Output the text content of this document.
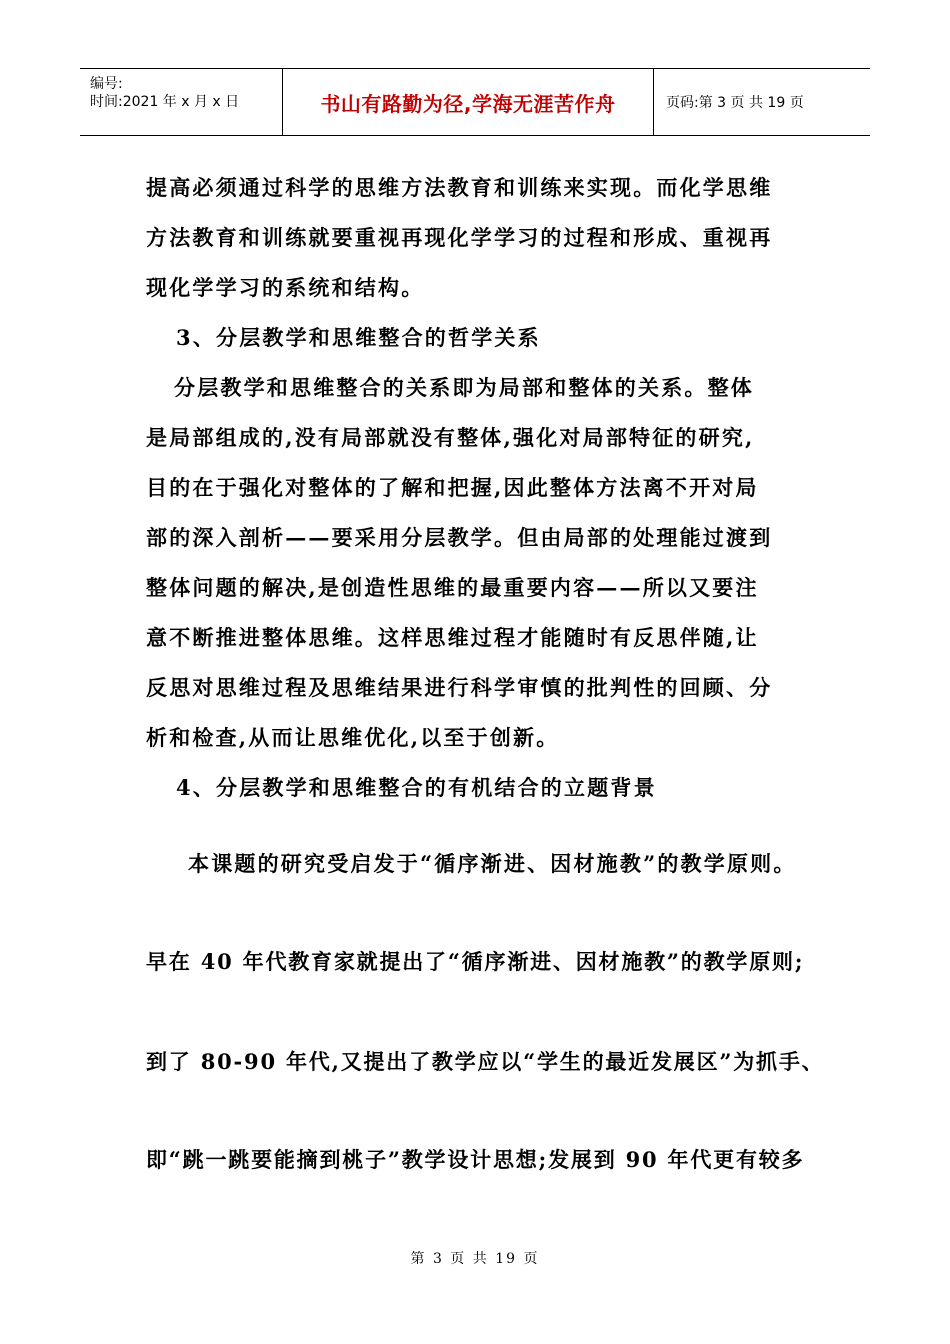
编号:
时间:2021 年 x 月 x 日	书山有路勤为径,学海无涯苦作舟	页码:第 3 页 共 19 页
提高必须通过科学的思维方法教育和训练来实现。而化学思维
方法教育和训练就要重视再现化学学习的过程和形成、重视再
现化学学习的系统和结构。
3、分层教学和思维整合的哲学关系
分层教学和思维整合的关系即为局部和整体的关系。整体
是局部组成的,没有局部就没有整体,强化对局部特征的研究,
目的在于强化对整体的了解和把握,因此整体方法离不开对局
部的深入剖析——要采用分层教学。但由局部的处理能过渡到
整体问题的解决,是创造性思维的最重要内容——所以又要注
意不断推进整体思维。这样思维过程才能随时有反思伴随,让
反思对思维过程及思维结果进行科学审慎的批判性的回顾、分
析和检查,从而让思维优化,以至于创新。
4、分层教学和思维整合的有机结合的立题背景
本课题的研究受启发于“循序渐进、因材施教”的教学原则。
早在 40 年代教育家就提出了“循序渐进、因材施教”的教学原则;
到了 80-90 年代,又提出了教学应以“学生的最近发展区”为抓手、
即“跳一跳要能摘到桃子”教学设计思想;发展到 90 年代更有较多
第 3 页 共 19 页
